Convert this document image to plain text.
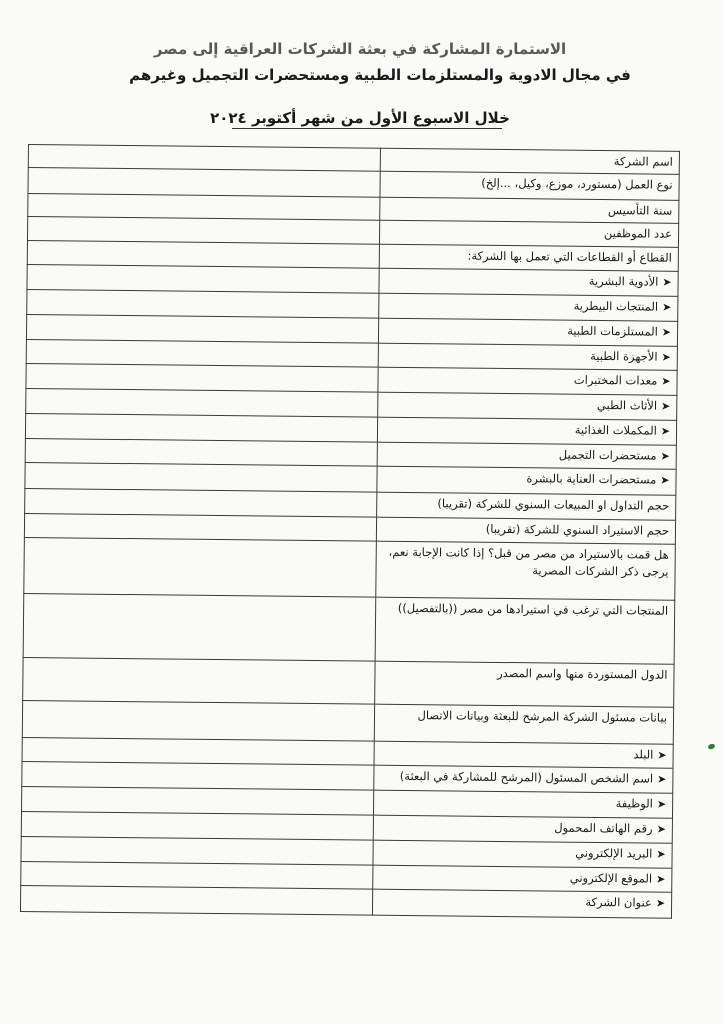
الاستمارة المشاركة في بعثة الشركات العراقية إلى مصر
في مجال الادوية والمستلزمات الطبية ومستحضرات التجميل وغيرهم
خلال الاسبوع الأول من شهر أكتوبر ٢٠٢٤
	اسم الشركة
	نوع العمل (مستورد، موزع، وكيل، ...إلخ)
	سنة التأسيس
	عدد الموظفين
	القطاع أو القطاعات التي تعمل بها الشركة:
	➤الأدوية البشرية
	➤المنتجات البيطرية
	➤المستلزمات الطبية
	➤الأجهزة الطبية
	➤معدات المختبرات
	➤الأثاث الطبي
	➤المكملات الغذائية
	➤مستحضرات التجميل
	➤مستحضرات العناية بالبشرة
	حجم التداول او المبيعات السنوي للشركة (تقريبا)
	حجم الاستيراد السنوي للشركة (تقريبا)
	هل قمت بالاستيراد من مصر من قبل؟ إذا كانت الإجابة نعم، يرجى ذكر الشركات المصرية
	المنتجات التي ترغب في استيرادها من مصر ((بالتفصيل))
	الدول المستوردة منها واسم المصدر
	بيانات مسئول الشركة المرشح للبعثة وبيانات الاتصال
	➤البلد
	➤اسم الشخص المسئول (المرشح للمشاركة في البعثة)
	➤الوظيفة
	➤رقم الهاتف المحمول
	➤البريد الإلكتروني
	➤الموقع الإلكتروني
	➤عنوان الشركة
